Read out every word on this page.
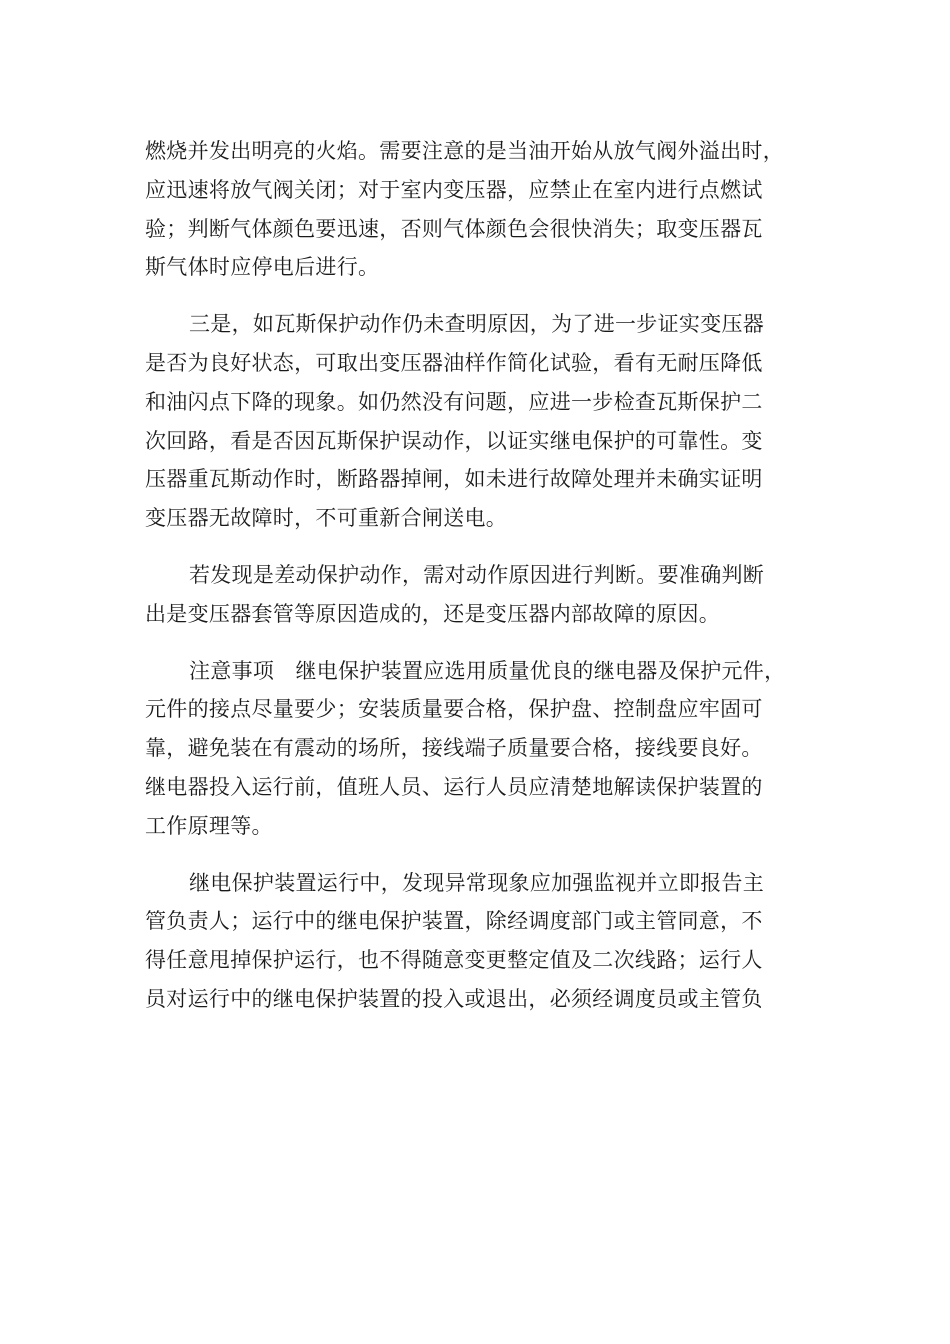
燃烧并发出明亮的火焰。需要注意的是当油开始从放气阀外溢出时，
应迅速将放气阀关闭；对于室内变压器，应禁止在室内进行点燃试
验；判断气体颜色要迅速，否则气体颜色会很快消失；取变压器瓦
斯气体时应停电后进行。
三是，如瓦斯保护动作仍未查明原因，为了进一步证实变压器
是否为良好状态，可取出变压器油样作简化试验，看有无耐压降低
和油闪点下降的现象。如仍然没有问题，应进一步检查瓦斯保护二
次回路，看是否因瓦斯保护误动作，以证实继电保护的可靠性。变
压器重瓦斯动作时，断路器掉闸，如未进行故障处理并未确实证明
变压器无故障时，不可重新合闸送电。
若发现是差动保护动作，需对动作原因进行判断。要准确判断
出是变压器套管等原因造成的，还是变压器内部故障的原因。
注意事项　继电保护装置应选用质量优良的继电器及保护元件，
元件的接点尽量要少；安装质量要合格，保护盘、控制盘应牢固可
靠，避免装在有震动的场所，接线端子质量要合格，接线要良好。
继电器投入运行前，值班人员、运行人员应清楚地解读保护装置的
工作原理等。
继电保护装置运行中，发现异常现象应加强监视并立即报告主
管负责人；运行中的继电保护装置，除经调度部门或主管同意，不
得任意甩掉保护运行，也不得随意变更整定值及二次线路；运行人
员对运行中的继电保护装置的投入或退出，必须经调度员或主管负
